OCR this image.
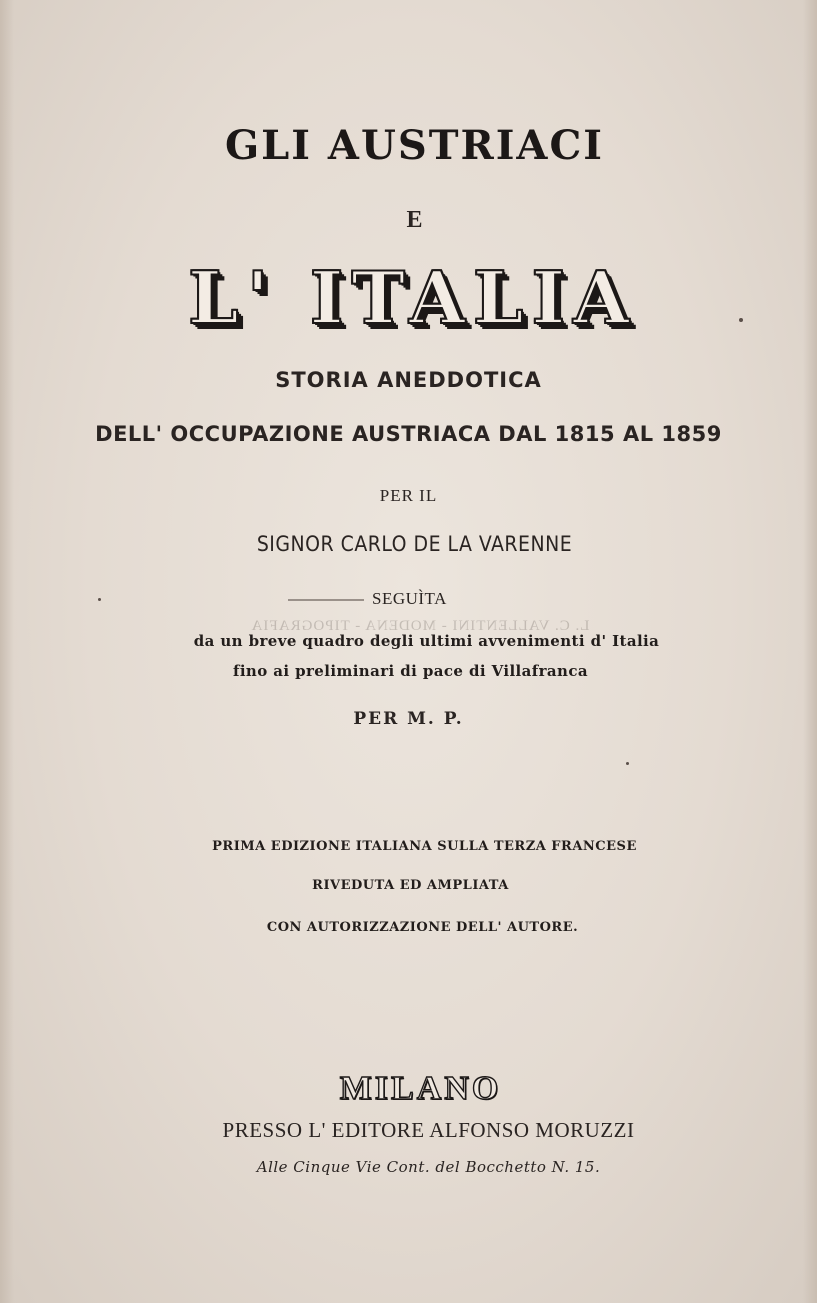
GLI AUSTRIACI
E
L' ITALIA
STORIA ANEDDOTICA
DELL' OCCUPAZIONE AUSTRIACA DAL 1815 AL 1859
PER IL
SIGNOR CARLO DE LA VARENNE
SEGUÌTA
L. C. VALLENTINI - MODENA - TIPOGRAFIA
da un breve quadro degli ultimi avvenimenti d' Italia
fino ai preliminari di pace di Villafranca
PER M. P.
PRIMA EDIZIONE ITALIANA SULLA TERZA FRANCESE
RIVEDUTA ED AMPLIATA
CON AUTORIZZAZIONE DELL' AUTORE.
MILANO
PRESSO L' EDITORE ALFONSO MORUZZI
Alle Cinque Vie Cont. del Bocchetto N. 15.
